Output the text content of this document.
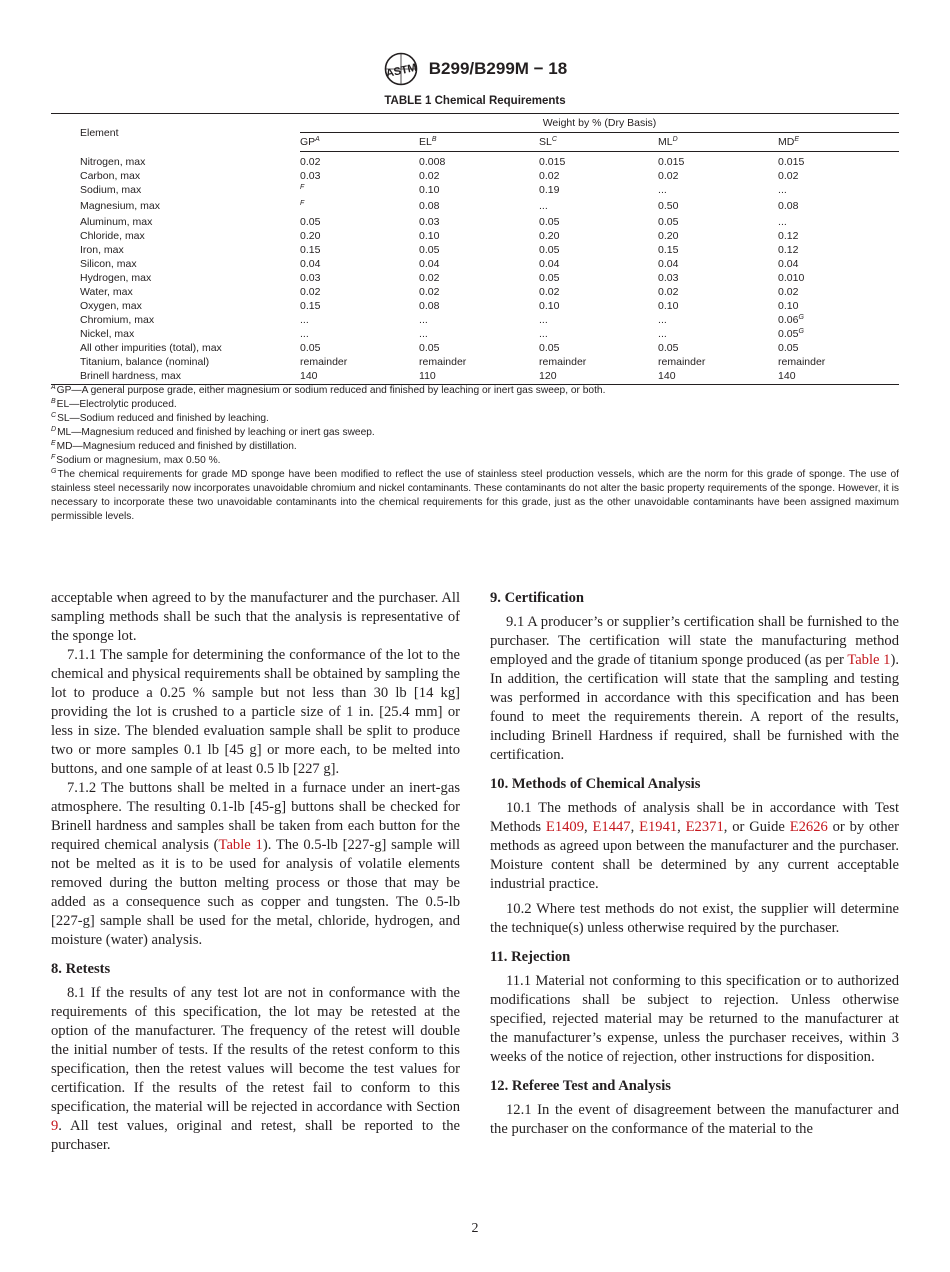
ASTM B299/B299M − 18
TABLE 1 Chemical Requirements
Element	Weight by % (Dry Basis)				
	$GP^A$	$EL^B$	$SL^C$	$ML^D$	$MD^E$
Nitrogen, max	0.02	0.008	0.015	0.015	0.015
Carbon, max	0.03	0.02	0.02	0.02	0.02
Sodium, max	$^F$	0.10	0.19	...	...
Magnesium, max	$^F$	0.08	...	0.50	0.08
Aluminum, max	0.05	0.03	0.05	0.05	...
Chloride, max	0.20	0.10	0.20	0.20	0.12
Iron, max	0.15	0.05	0.05	0.15	0.12
Silicon, max	0.04	0.04	0.04	0.04	0.04
Hydrogen, max	0.03	0.02	0.05	0.03	0.010
Water, max	0.02	0.02	0.02	0.02	0.02
Oxygen, max	0.15	0.08	0.10	0.10	0.10
Chromium, max	...	...	...	...	$0.06^G$
Nickel, max	...	...	...	...	$0.05^G$
All other impurities (total), max	0.05	0.05	0.05	0.05	0.05
Titanium, balance (nominal)	remainder	remainder	remainder	remainder	remainder
Brinell hardness, max	140	110	120	140	140

$^A$GP—A general purpose grade, either magnesium or sodium reduced and finished by leaching or inert gas sweep, or both.

$^B$EL—Electrolytic produced.

$^C$SL—Sodium reduced and finished by leaching.

$^D$ML—Magnesium reduced and finished by leaching or inert gas sweep.

$^E$MD—Magnesium reduced and finished by distillation.

$^F$Sodium or magnesium, max 0.50 %.

$^G$The chemical requirements for grade MD sponge have been modified to reflect the use of stainless steel production vessels, which are the norm for this grade of sponge. The use of stainless steel necessarily now incorporates unavoidable chromium and nickel contaminants. These contaminants do not alter the basic property requirements of the sponge. However, it is necessary to incorporate these two unavoidable contaminants into the chemical requirements for this grade, just as the other unavoidable contaminants have been assigned maximum permissible levels.

acceptable when agreed to by the manufacturer and the purchaser. All sampling methods shall be such that the analysis is representative of the sponge lot.

7.1.1 The sample for determining the conformance of the lot to the chemical and physical requirements shall be obtained by sampling the lot to produce a 0.25 % sample but not less than 30 lb [14 kg] providing the lot is crushed to a particle size of 1 in. [25.4 mm] or less in size. The blended evaluation sample shall be split to produce two or more samples 0.1 lb [45 g] or more each, to be melted into buttons, and one sample of at least 0.5 lb [227 g].

7.1.2 The buttons shall be melted in a furnace under an inert-gas atmosphere. The resulting 0.1-lb [45-g] buttons shall be checked for Brinell hardness and samples shall be taken from each button for the required chemical analysis (Table 1). The 0.5-lb [227-g] sample will not be melted as it is to be used for analysis of volatile elements removed during the button melting process or those that may be added as a consequence such as copper and tungsten. The 0.5-lb [227-g] sample shall be used for the metal, chloride, hydrogen, and moisture (water) analysis.

8. Retests

8.1 If the results of any test lot are not in conformance with the requirements of this specification, the lot may be retested at the option of the manufacturer. The frequency of the retest will double the initial number of tests. If the results of the retest conform to this specification, then the retest values will become the test values for certification. If the results of the retest fail to conform to this specification, the material will be rejected in accordance with Section 9. All test values, original and retest, shall be reported to the purchaser.

9. Certification

9.1 A producer’s or supplier’s certification shall be furnished to the purchaser. The certification will state the manufacturing method employed and the grade of titanium sponge produced (as per Table 1). In addition, the certification will state that the sampling and testing was performed in accordance with this specification and has been found to meet the requirements therein. A report of the results, including Brinell Hardness if required, shall be furnished with the certification.

10. Methods of Chemical Analysis

10.1 The methods of analysis shall be in accordance with Test Methods E1409, E1447, E1941, E2371, or Guide E2626 or by other methods as agreed upon between the manufacturer and the purchaser. Moisture content shall be determined by any current acceptable industrial practice.

10.2 Where test methods do not exist, the supplier will determine the technique(s) unless otherwise required by the purchaser.

11. Rejection

11.1 Material not conforming to this specification or to authorized modifications shall be subject to rejection. Unless otherwise specified, rejected material may be returned to the manufacturer at the manufacturer’s expense, unless the purchaser receives, within 3 weeks of the notice of rejection, other instructions for disposition.

12. Referee Test and Analysis

12.1 In the event of disagreement between the manufacturer and the purchaser on the conformance of the material to the

2
